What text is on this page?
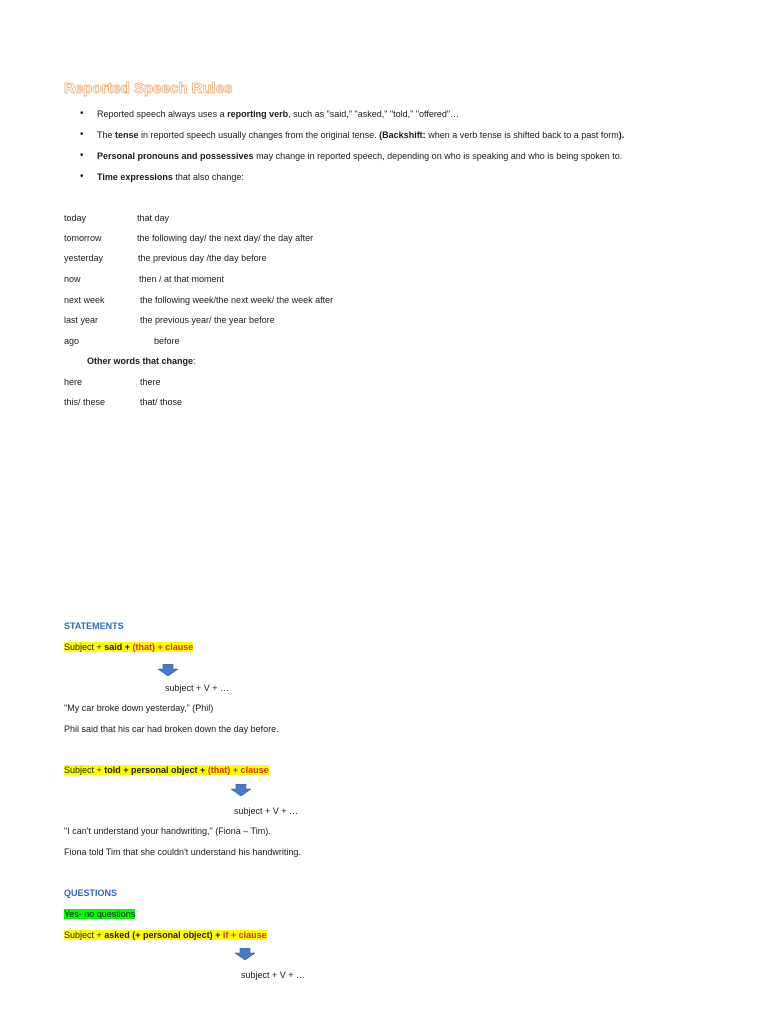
Reported Speech Rules
• Reported speech always uses a reporting verb, such as "said," "asked," "told," "offered"…
• The tense in reported speech usually changes from the original tense. (Backshift: when a verb tense is shifted back to a past form).
• Personal pronouns and possessives may change in reported speech, depending on who is speaking and who is being spoken to.
• Time expressions that also change:
today	that day
tomorrow	the following day/ the next day/ the day after
yesterday	the previous day /the day before
now	then / at that moment
next week	the following week/the next week/ the week after
last year	the previous year/ the year before
ago	before
Other words that change:
here	there
this/ these	that/ those
STATEMENTS
Subject + said + (that) + clause
subject + V + …
"My car broke down yesterday," (Phil)
Phil said that his car had broken down the day before.
Subject + told + personal object + (that) + clause
subject + V + …
"I can't understand your handwriting," (Fiona – Tim).
Fiona told Tim that she couldn't understand his handwriting.
QUESTIONS
Yes- no questions
Subject + asked (+ personal object) + if + clause
subject + V + …
